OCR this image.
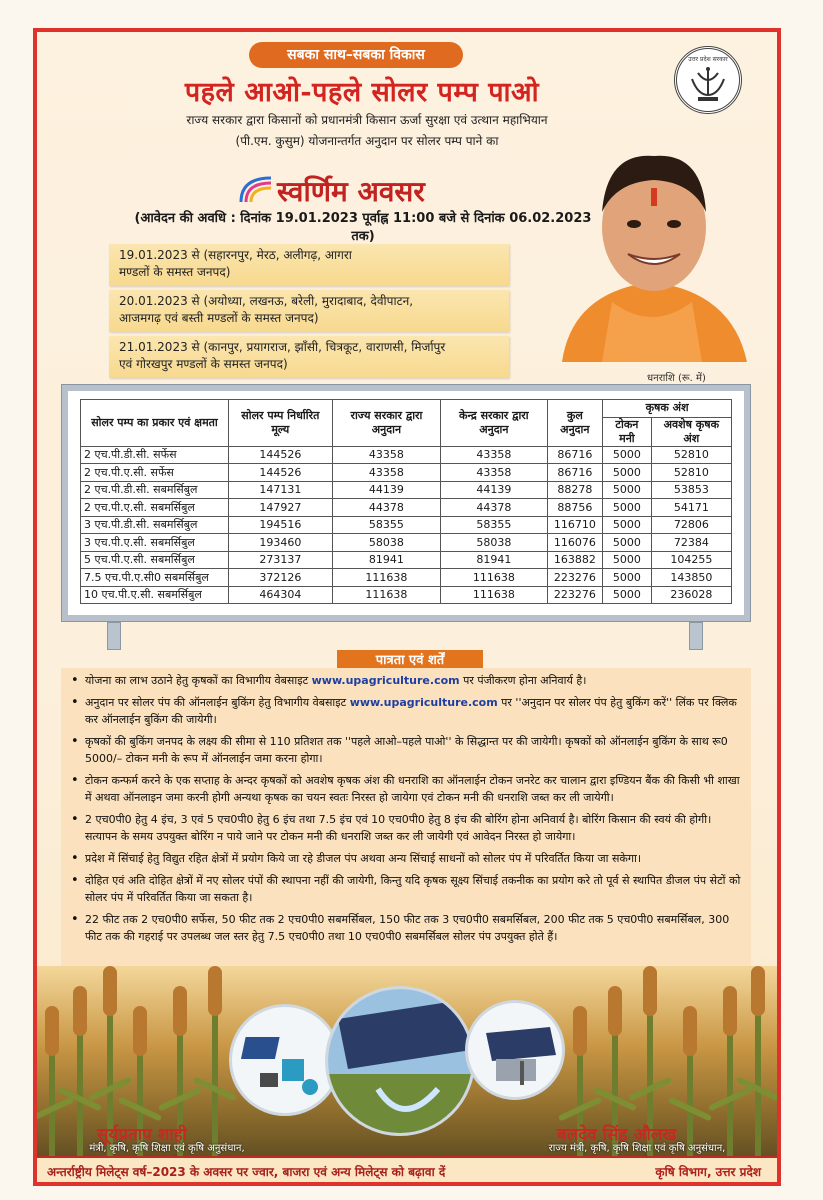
सबका साथ–सबका विकास
पहले आओ-पहले सोलर पम्प पाओ
राज्य सरकार द्वारा किसानों को प्रधानमंत्री किसान ऊर्जा सुरक्षा एवं उत्थान महाभियान
(पी.एम. कुसुम) योजनान्तर्गत अनुदान पर सोलर पम्प पाने का
उत्तर प्रदेश सरकार
स्वर्णिम अवसर
(आवेदन की अवधि : दिनांक 19.01.2023 पूर्वाह्न 11:00 बजे से दिनांक 06.02.2023 तक)
19.01.2023 से (सहारनपुर, मेरठ, अलीगढ़, आगरा
मण्डलों के समस्त जनपद)
20.01.2023 से (अयोध्या, लखनऊ, बरेली, मुरादाबाद, देवीपाटन,
आजमगढ़ एवं बस्ती मण्डलों के समस्त जनपद)
21.01.2023 से (कानपुर, प्रयागराज, झाँसी, चित्रकूट, वाराणसी, मिर्जापुर
एवं गोरखपुर मण्डलों के समस्त जनपद)
धनराशि (रू. में)
सोलर पम्प का प्रकार एवं क्षमता	सोलर पम्प निर्धारित मूल्य	राज्य सरकार द्वारा अनुदान	केन्द्र सरकार द्वारा अनुदान	कुल अनुदान	कृषक अंश	
					टोकन मनी	अवशेष कृषक अंश
2 एच.पी.डी.सी. सर्फेस	144526	43358	43358	86716	5000	52810
2 एच.पी.ए.सी. सर्फेस	144526	43358	43358	86716	5000	52810
2 एच.पी.डी.सी. सबमर्सिबुल	147131	44139	44139	88278	5000	53853
2 एच.पी.ए.सी. सबमर्सिबुल	147927	44378	44378	88756	5000	54171
3 एच.पी.डी.सी. सबमर्सिबुल	194516	58355	58355	116710	5000	72806
3 एच.पी.ए.सी. सबमर्सिबुल	193460	58038	58038	116076	5000	72384
5 एच.पी.ए.सी. सबमर्सिबुल	273137	81941	81941	163882	5000	104255
7.5 एच.पी.ए.सी0 सबमर्सिबुल	372126	111638	111638	223276	5000	143850
10 एच.पी.ए.सी. सबमर्सिबुल	464304	111638	111638	223276	5000	236028
पात्रता एवं शर्तें
• योजना का लाभ उठाने हेतु कृषकों का विभागीय वेबसाइट www.upagriculture.com पर पंजीकरण होना अनिवार्य है।
• अनुदान पर सोलर पंप की ऑनलाईन बुकिंग हेतु विभागीय वेबसाइट www.upagriculture.com पर ''अनुदान पर सोलर पंप हेतु बुकिंग करें'' लिंक पर क्लिक कर ऑनलाईन बुकिंग की जायेगी।
• कृषकों की बुकिंग जनपद के लक्ष्य की सीमा से 110 प्रतिशत तक ''पहले आओ–पहले पाओ'' के सिद्धान्त पर की जायेगी। कृषकों को ऑनलाईन बुकिंग के साथ रू0 5000/– टोकन मनी के रूप में ऑनलाईन जमा करना होगा।
• टोकन कन्फर्म करने के एक सप्ताह के अन्दर कृषकों को अवशेष कृषक अंश की धनराशि का ऑनलाईन टोकन जनरेट कर चालान द्वारा इण्डियन बैंक की किसी भी शाखा में अथवा ऑनलाइन जमा करनी होगी अन्यथा कृषक का चयन स्वतः निरस्त हो जायेगा एवं टोकन मनी की धनराशि जब्त कर ली जायेगी।
• 2 एच0पी0 हेतु 4 इंच, 3 एवं 5 एच0पी0 हेतु 6 इंच तथा 7.5 इंच एवं 10 एच0पी0 हेतु 8 इंच की बोरिंग होना अनिवार्य है। बोरिंग किसान की स्वयं की होगी। सत्यापन के समय उपयुक्त बोरिंग न पाये जाने पर टोकन मनी की धनराशि जब्त कर ली जायेगी एवं आवेदन निरस्त हो जायेगा।
• प्रदेश में सिंचाई हेतु विद्युत रहित क्षेत्रों में प्रयोग किये जा रहे डीजल पंप अथवा अन्य सिंचाई साधनों को सोलर पंप में परिवर्तित किया जा सकेगा।
• दोहित एवं अति दोहित क्षेत्रों में नए सोलर पंपों की स्थापना नहीं की जायेगी, किन्तु यदि कृषक सूक्ष्य सिंचाई तकनीक का प्रयोग करे तो पूर्व से स्थापित डीजल पंप सेटों को सोलर पंप में परिवर्तित किया जा सकता है।
• 22 फीट तक 2 एच0पी0 सर्फेस, 50 फीट तक 2 एच0पी0 सबमर्सिबल, 150 फीट तक 3 एच0पी0 सबमर्सिबल, 200 फीट तक 5 एच0पी0 सबमर्सिबल, 300 फीट तक की गहराई पर उपलब्ध जल स्तर हेतु 7.5 एच0पी0 तथा 10 एच0पी0 सबमर्सिबल सोलर पंप उपयुक्त होते हैं।
सूर्यप्रताप शाही
मंत्री, कृषि, कृषि शिक्षा एवं कृषि अनुसंधान,
बलदेव सिंह औलख
राज्य मंत्री, कृषि, कृषि शिक्षा एवं कृषि अनुसंधान,
अन्तर्राष्ट्रीय मिलेट्स वर्ष–2023 के अवसर पर ज्वार, बाजरा एवं अन्य मिलेट्स को बढ़ावा दें	कृषि विभाग, उत्तर प्रदेश
